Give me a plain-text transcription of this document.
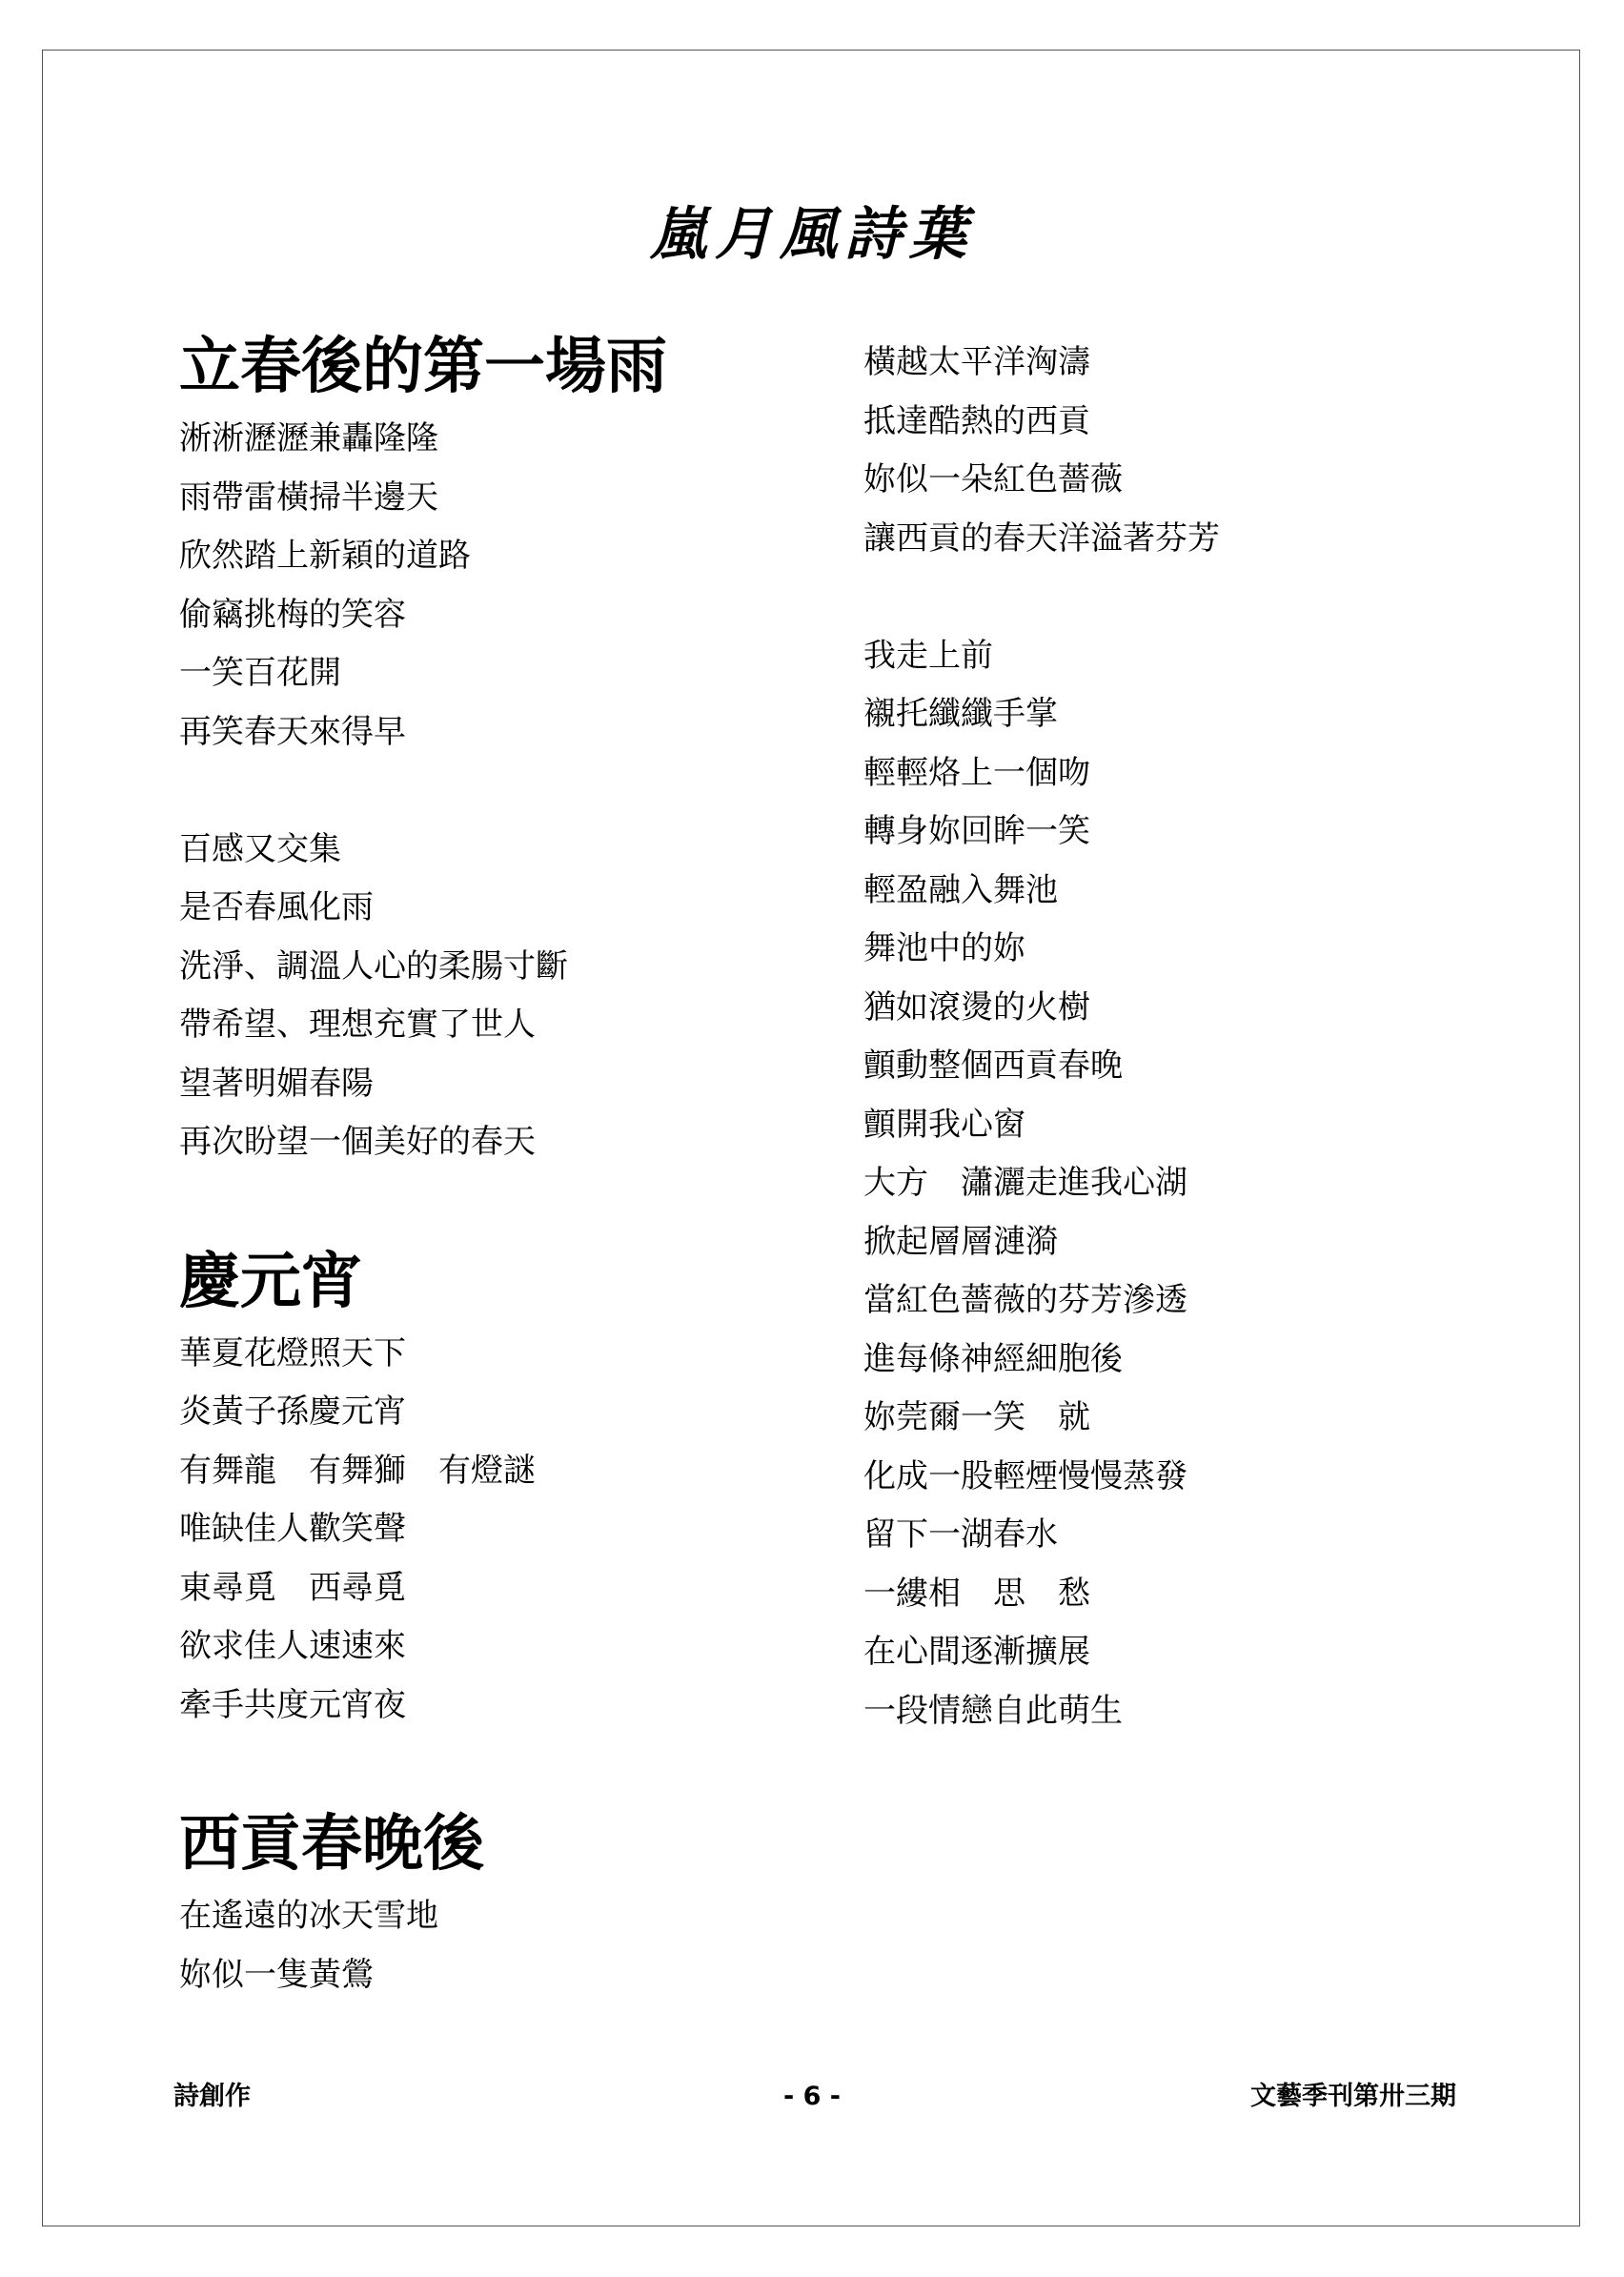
嵐月風詩葉
立春後的第一場雨
淅淅瀝瀝兼轟隆隆
雨帶雷橫掃半邊天
欣然踏上新穎的道路
偷竊挑梅的笑容
一笑百花開
再笑春天來得早
百感又交集
是否春風化雨
洗淨、調溫人心的柔腸寸斷
帶希望、理想充實了世人
望著明媚春陽
再次盼望一個美好的春天
慶元宵
華夏花燈照天下
炎黃子孫慶元宵
有舞龍　有舞獅　有燈謎
唯缺佳人歡笑聲
東尋覓　西尋覓
欲求佳人速速來
牽手共度元宵夜
西貢春晚後
在遙遠的冰天雪地
妳似一隻黃鶯
橫越太平洋洶濤
抵達酷熱的西貢
妳似一朵紅色薔薇
讓西貢的春天洋溢著芬芳
我走上前
襯托纖纖手掌
輕輕烙上一個吻
轉身妳回眸一笑
輕盈融入舞池
舞池中的妳
猶如滾燙的火樹
顫動整個西貢春晚
顫開我心窗
大方　瀟灑走進我心湖
掀起層層漣漪
當紅色薔薇的芬芳滲透
進每條神經細胞後
妳莞爾一笑　就
化成一股輕煙慢慢蒸發
留下一湖春水
一縷相　思　愁
在心間逐漸擴展
一段情戀自此萌生
詩創作	- 6 -	文藝季刊第卅三期
